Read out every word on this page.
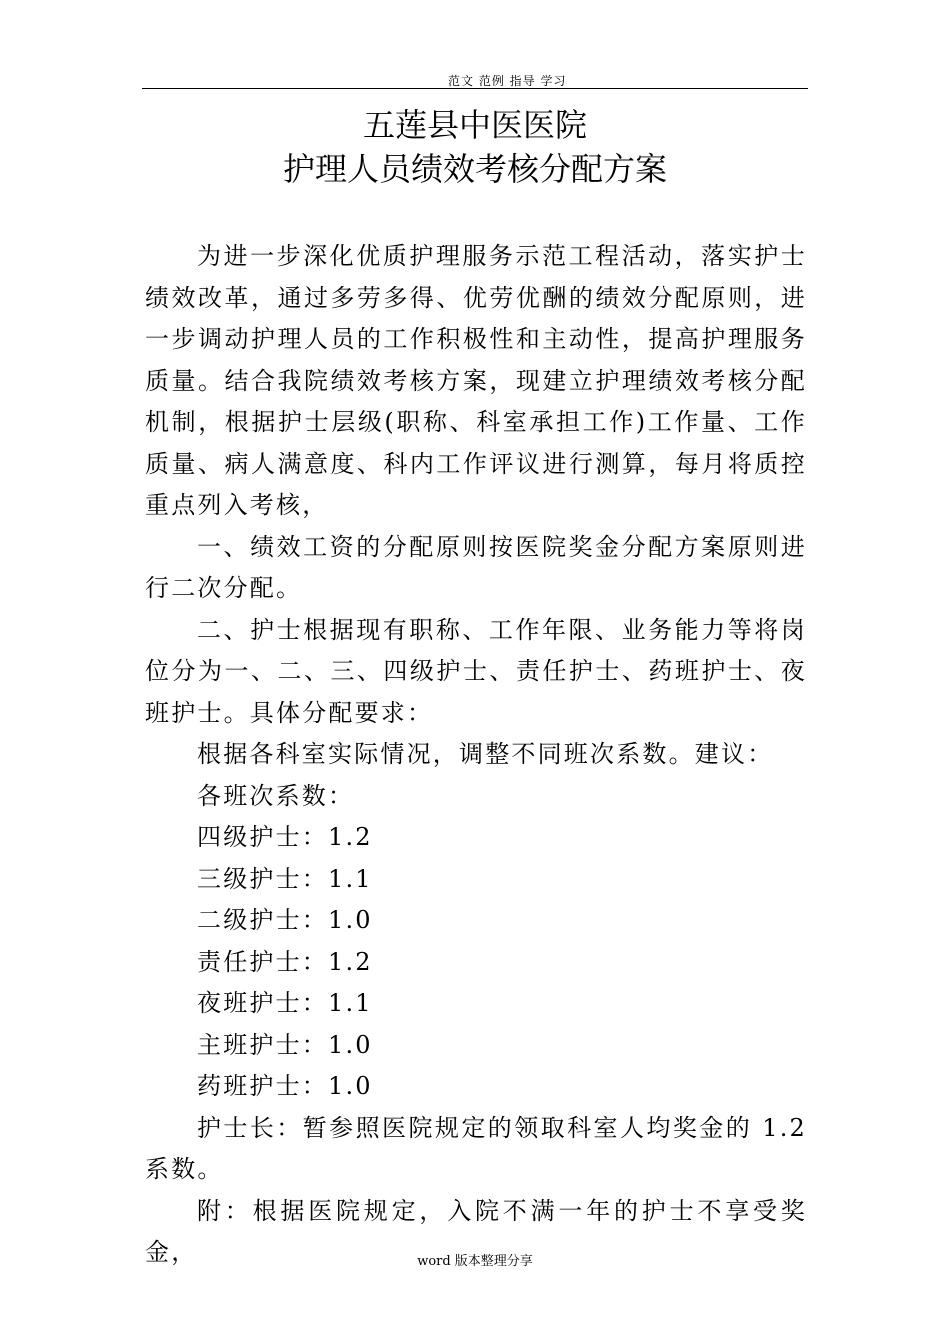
范文 范例 指导 学习
五莲县中医医院
护理人员绩效考核分配方案

为进一步深化优质护理服务示范工程活动，落实护士绩效改革，通过多劳多得、优劳优酬的绩效分配原则，进一步调动护理人员的工作积极性和主动性，提高护理服务质量。结合我院绩效考核方案，现建立护理绩效考核分配机制，根据护士层级(职称、科室承担工作)工作量、工作质量、病人满意度、科内工作评议进行测算，每月将质控重点列入考核，

一、绩效工资的分配原则按医院奖金分配方案原则进行二次分配。

二、护士根据现有职称、工作年限、业务能力等将岗位分为一、二、三、四级护士、责任护士、药班护士、夜班护士。具体分配要求：

根据各科室实际情况，调整不同班次系数。建议：

各班次系数：

四级护士：1.2

三级护士：1.1

二级护士：1.0

责任护士：1.2

夜班护士：1.1

主班护士：1.0

药班护士：1.0

护士长：暂参照医院规定的领取科室人均奖金的 1.2 系数。

附：根据医院规定，入院不满一年的护士不享受奖金，	word 版本整理分享
